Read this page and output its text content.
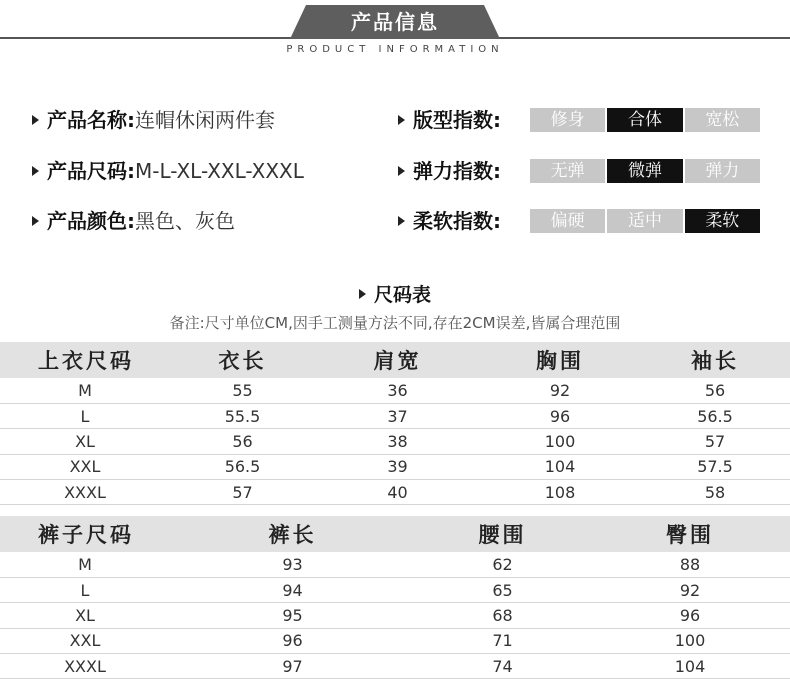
产品信息
PRODUCT INFORMATION
产品名称:连帽休闲两件套
产品尺码:M-L-XL-XXL-XXXL
产品颜色:黑色、灰色
版型指数:	修身	合体	宽松
弹力指数:	无弹	微弹	弹力
柔软指数:	偏硬	适中	柔软
尺码表
备注:尺寸单位CM,因手工测量方法不同,存在2CM误差,皆属合理范围
上衣尺码	衣长	肩宽	胸围	袖长
M	55	36	92	56
L	55.5	37	96	56.5
XL	56	38	100	57
XXL	56.5	39	104	57.5
XXXL	57	40	108	58
裤子尺码	裤长	腰围	臀围
M	93	62	88
L	94	65	92
XL	95	68	96
XXL	96	71	100
XXXL	97	74	104
